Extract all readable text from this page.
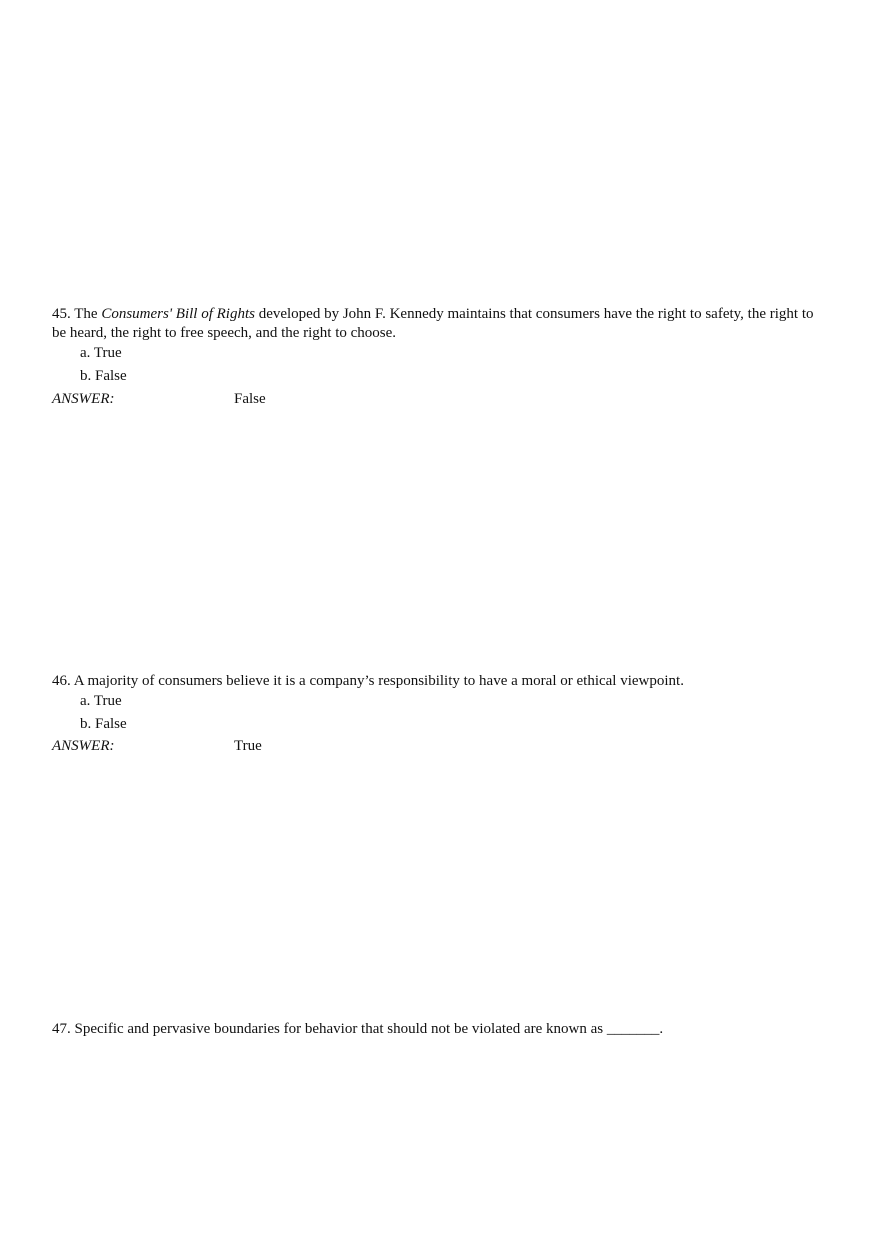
45. The Consumers' Bill of Rights developed by John F. Kennedy maintains that consumers have the right to safety, the right to be heard, the right to free speech, and the right to choose.

a. True
b. False
ANSWER:	False

46. A majority of consumers believe it is a company’s responsibility to have a moral or ethical viewpoint.

a. True
b. False
ANSWER:	True

47. Specific and pervasive boundaries for behavior that should not be violated are known as _______.
